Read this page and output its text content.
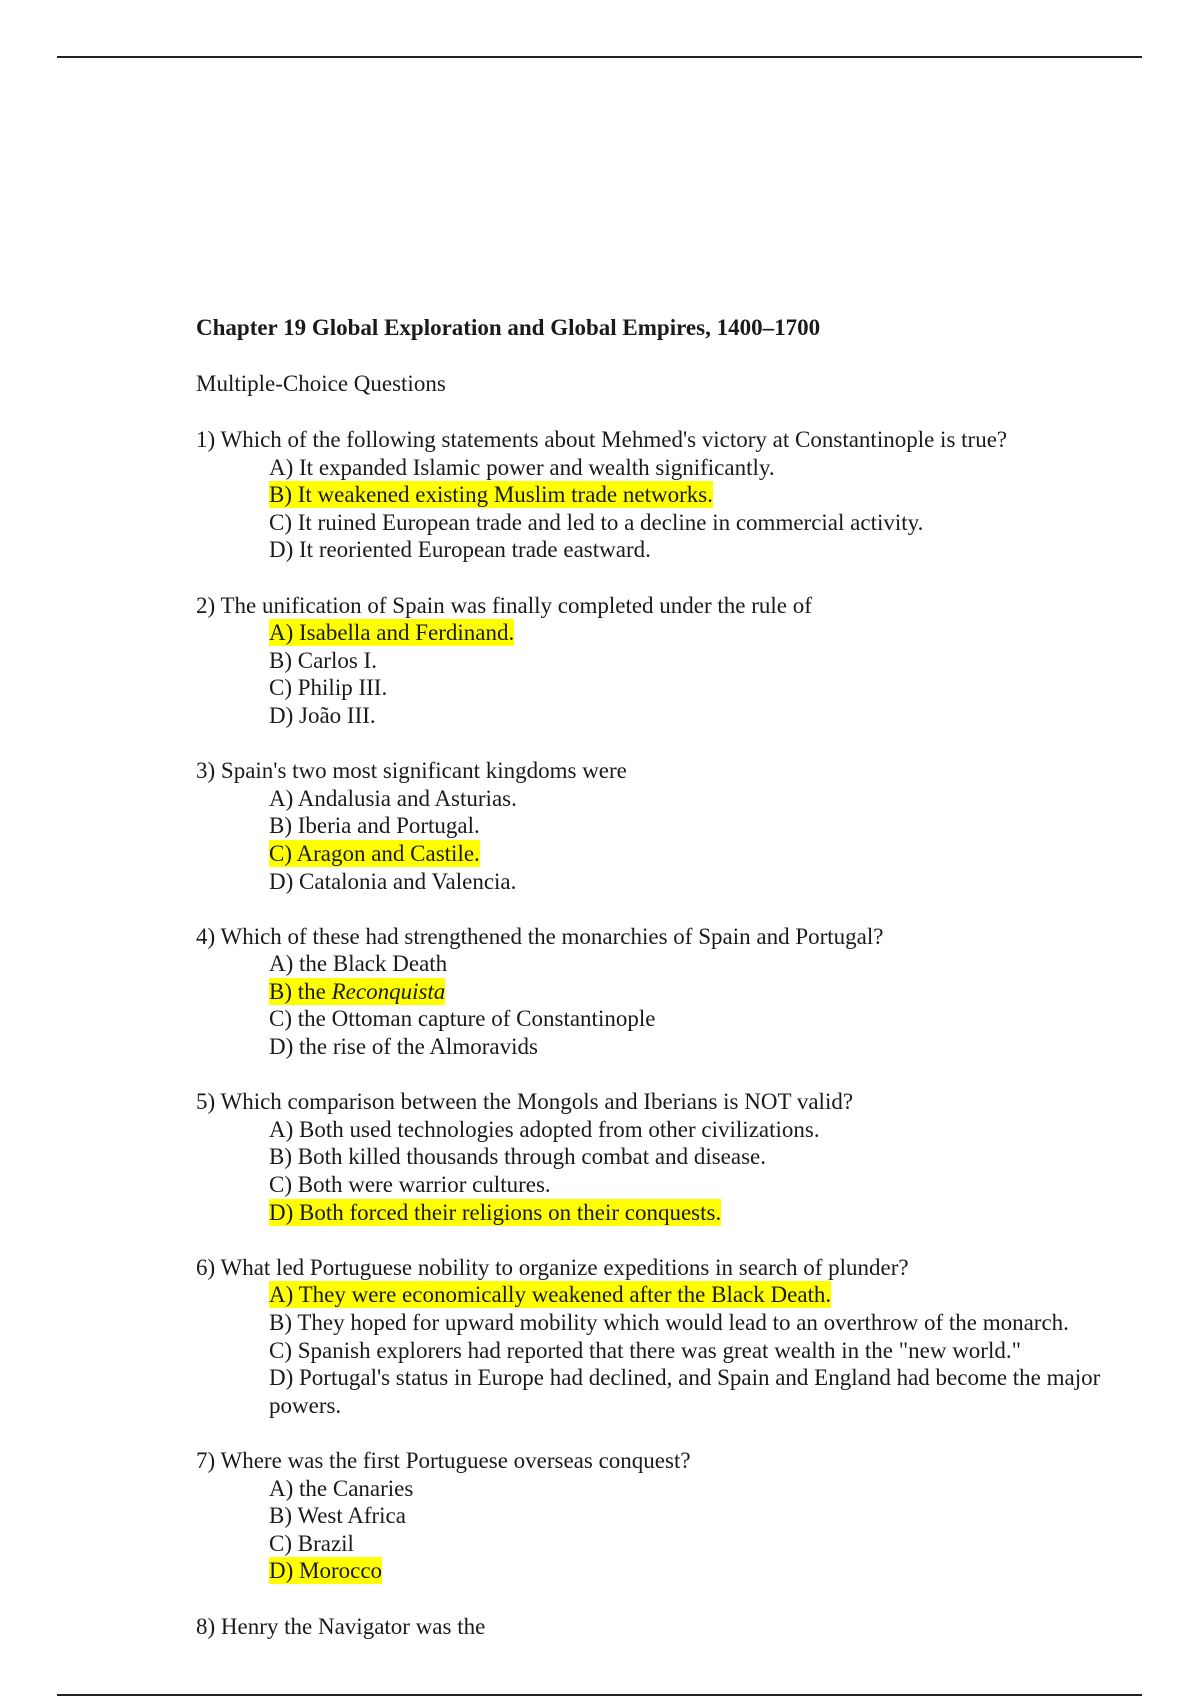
Chapter 19 Global Exploration and Global Empires, 1400–1700

Multiple-Choice Questions

1) Which of the following statements about Mehmed's victory at Constantinople is true?

A) It expanded Islamic power and wealth significantly.

B) It weakened existing Muslim trade networks.

C) It ruined European trade and led to a decline in commercial activity.

D) It reoriented European trade eastward.

2) The unification of Spain was finally completed under the rule of

A) Isabella and Ferdinand.

B) Carlos I.

C) Philip III.

D) João III.

3) Spain's two most significant kingdoms were

A) Andalusia and Asturias.

B) Iberia and Portugal.

C) Aragon and Castile.

D) Catalonia and Valencia.

4) Which of these had strengthened the monarchies of Spain and Portugal?

A) the Black Death

B) the Reconquista

C) the Ottoman capture of Constantinople

D) the rise of the Almoravids

5) Which comparison between the Mongols and Iberians is NOT valid?

A) Both used technologies adopted from other civilizations.

B) Both killed thousands through combat and disease.

C) Both were warrior cultures.

D) Both forced their religions on their conquests.

6) What led Portuguese nobility to organize expeditions in search of plunder?

A) They were economically weakened after the Black Death.

B) They hoped for upward mobility which would lead to an overthrow of the monarch.

C) Spanish explorers had reported that there was great wealth in the "new world."

D) Portugal's status in Europe had declined, and Spain and England had become the major powers.

7) Where was the first Portuguese overseas conquest?

A) the Canaries

B) West Africa

C) Brazil

D) Morocco

8) Henry the Navigator was the
